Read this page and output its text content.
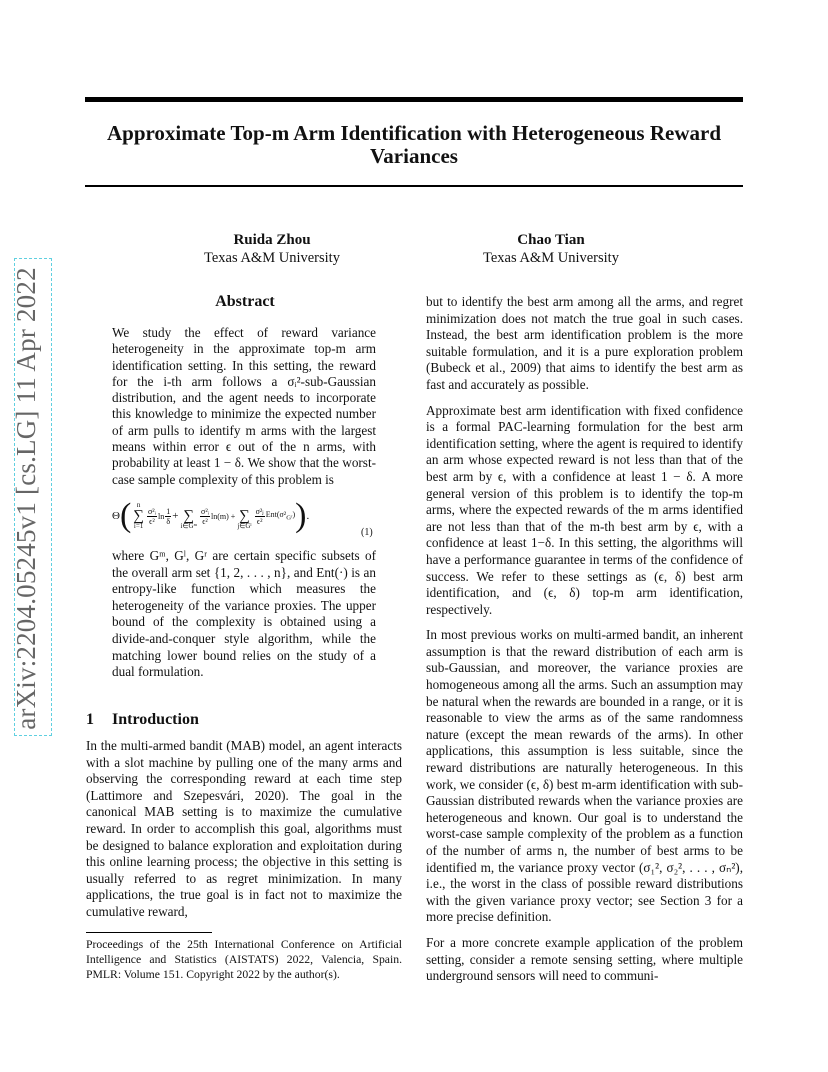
Approximate Top-m Arm Identification with Heterogeneous Reward
Variances
Ruida Zhou
Texas A&M University
Chao Tian
Texas A&M University
arXiv:2204.05245v1 [cs.LG] 11 Apr 2022	Abstract
We study the effect of reward variance heterogeneity in the approximate top-m arm identification setting. In this setting, the reward for the i-th arm follows a σᵢ²-sub-Gaussian distribution, and the agent needs to incorporate this knowledge to minimize the expected number of arm pulls to identify m arms with the largest means within error ϵ out of the n arms, with probability at least 1 − δ. We show that the worst-case sample complexity of this problem is
Θ ( n
∑
i=1
$\frac{\text{σ²ᵢ}}{\text{ϵ²}}$ $\ln \frac{1}{\delta}$ +
∑
i∈Gᵐ
$\frac{\text{σ²ᵢ}}{\text{ϵ²}} \ln(m)$ +
∑
j∈Gˡ
$\frac{\text{σ²ⱼ}}{\text{ϵ²}} Ent(\sigma^2_{Gʳ})$ ) .
(1)
where Gᵐ, Gˡ, Gʳ are certain specific subsets of the overall arm set {1, 2, . . . , n}, and Ent(·) is an entropy-like function which measures the heterogeneity of the variance proxies. The upper bound of the complexity is obtained using a divide-and-conquer style algorithm, while the matching lower bound relies on the study of a dual formulation.
1 Introduction
In the multi-armed bandit (MAB) model, an agent interacts with a slot machine by pulling one of the many arms and observing the corresponding reward at each time step (Lattimore and Szepesvári, 2020). The goal in the canonical MAB setting is to maximize the cumulative reward. In order to accomplish this goal, algorithms must be designed to balance exploration and exploitation during this online learning process; the objective in this setting is usually referred to as regret minimization. In many applications, the true goal is in fact not to maximize the cumulative reward,
Proceedings of the 25th International Conference on Artificial Intelligence and Statistics (AISTATS) 2022, Valencia, Spain. PMLR: Volume 151. Copyright 2022 by the author(s).

but to identify the best arm among all the arms, and regret minimization does not match the true goal in such cases. Instead, the best arm identification problem is the more suitable formulation, and it is a pure exploration problem (Bubeck et al., 2009) that aims to identify the best arm as fast and accurately as possible.

Approximate best arm identification with fixed confidence is a formal PAC-learning formulation for the best arm identification setting, where the agent is required to identify an arm whose expected reward is not less than that of the best arm by ϵ, with a confidence at least 1 − δ. A more general version of this problem is to identify the top-m arms, where the expected rewards of the m arms identified are not less than that of the m-th best arm by ϵ, with a confidence at least 1−δ. In this setting, the algorithms will have a performance guarantee in terms of the confidence of success. We refer to these settings as (ϵ, δ) best arm identification, and (ϵ, δ) top-m arm identification, respectively.

In most previous works on multi-armed bandit, an inherent assumption is that the reward distribution of each arm is sub-Gaussian, and moreover, the variance proxies are homogeneous among all the arms. Such an assumption may be natural when the rewards are bounded in a range, or it is reasonable to view the arms as of the same randomness nature (except the mean rewards of the arms). In other applications, this assumption is less suitable, since the reward distributions are naturally heterogeneous. In this work, we consider (ϵ, δ) best m-arm identification with sub-Gaussian distributed rewards when the variance proxies are heterogeneous and known. Our goal is to understand the worst-case sample complexity of the problem as a function of the number of arms n, the number of best arms to be identified m, the variance proxy vector (σ₁², σ₂², . . . , σₙ²), i.e., the worst in the class of possible reward distributions with the given variance proxy vector; see Section 3 for a more precise definition.

For a more concrete example application of the problem setting, consider a remote sensing setting, where multiple underground sensors will need to communi-
